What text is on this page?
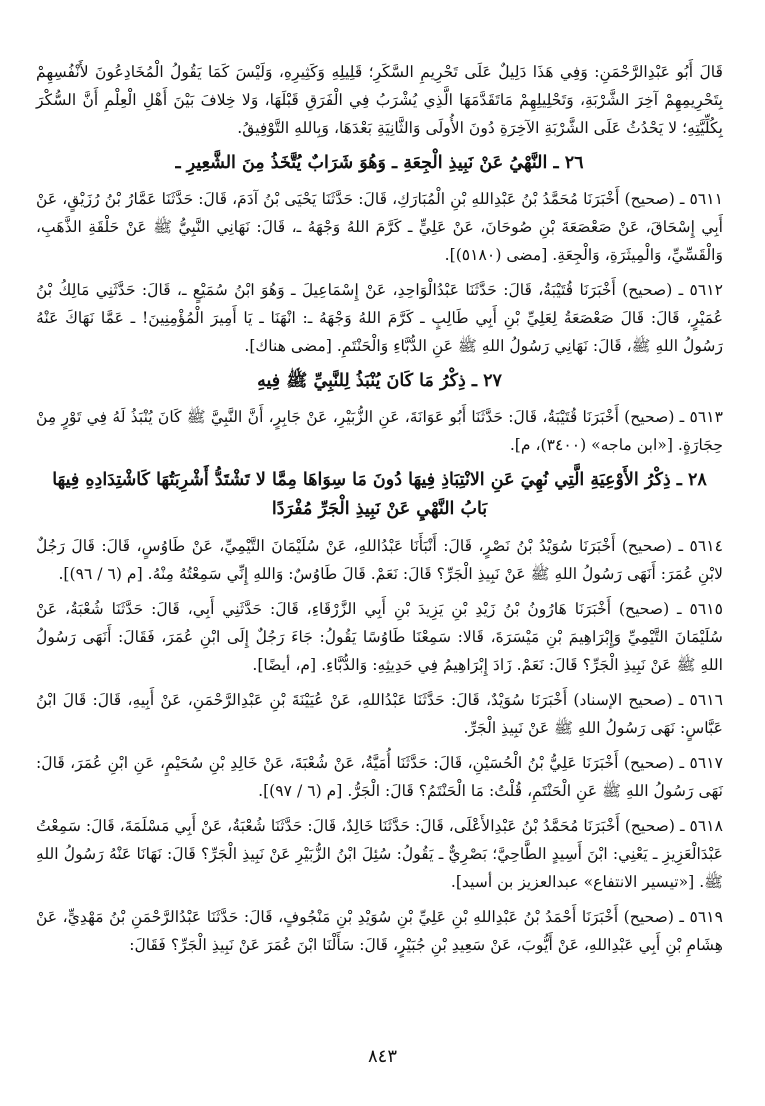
قَالَ أَبُو عَبْدِالرَّحْمَنِ: وَفِي هَذَا دَلِيلٌ عَلَى تَحْرِيمِ السَّكَرِ؛ قَلِيلِهِ وَكَثِيرِهِ، وَلَيْسَ كَمَا يَقُولُ الْمُخَادِعُونَ لأَنْفُسِهِمْ بِتَحْرِيمِهِمْ آخِرَ الشَّرْبَةِ، وَتَحْلِيلِهِمْ مَاتَقَدَّمَهَا الَّذِي يُشْرَبُ فِي الْفَرَقِ قَبْلَهَا، وَلا خِلافَ بَيْنَ أَهْلِ الْعِلْمِ أَنَّ السُّكْرَ بِكُلِّيَّتِهِ؛ لا يَحْدُثُ عَلَى الشَّرْبَةِ الآخِرَةِ دُونَ الأُولَى وَالثَّانِيَةِ بَعْدَهَا، وَبِاللهِ التَّوْفِيقُ.
٢٦ ـ النَّهْيُ عَنْ نَبِيذِ الْجِعَةِ ـ وَهُوَ شَرَابٌ يُتَّخَذُ مِنَ الشَّعِيرِ ـ
٥٦١١ ـ (صحيح) أَخْبَرَنَا مُحَمَّدُ بْنُ عَبْدِاللهِ بْنِ الْمُبَارَكِ، قَالَ: حَدَّثَنَا يَحْيَى بْنُ آدَمَ، قَالَ: حَدَّثَنَا عَمَّارُ بْنُ رُزَيْقٍ، عَنْ أَبِي إِسْحَاقَ، عَنْ صَعْصَعَةَ بْنِ صُوحَانَ، عَنْ عَلِيٍّ ـ كَرَّمَ اللهُ وَجْهَهُ ـ، قَالَ: نَهَانِي النَّبِيُّ ﷺ عَنْ حَلْقَةِ الذَّهَبِ، وَالْقَسِّيِّ، وَالْمِيثَرَةِ، وَالْجِعَةِ. [مضى (٥١٨٠)].
٥٦١٢ ـ (صحيح) أَخْبَرَنَا قُتَيْبَةُ، قَالَ: حَدَّثَنَا عَبْدُالْوَاحِدِ، عَنْ إِسْمَاعِيلَ ـ وَهُوَ ابْنُ سُمَيْعٍ ـ، قَالَ: حَدَّثَنِي مَالِكُ بْنُ عُمَيْرٍ، قَالَ: قَالَ صَعْصَعَةُ لِعَلِيِّ بْنِ أَبِي طَالِبٍ ـ كَرَّمَ اللهُ وَجْهَهُ ـ: انْهَنَا ـ يَا أَمِيرَ الْمُؤْمِنِينَ! ـ عَمَّا نَهَاكَ عَنْهُ رَسُولُ اللهِ ﷺ، قَالَ: نَهَانِي رَسُولُ اللهِ ﷺ عَنِ الدُّبَّاءِ وَالْحَنْتَمِ. [مضى هناك].
٢٧ ـ ذِكْرُ مَا كَانَ يُنْبَذُ لِلنَّبِيِّ ﷺ فِيهِ
٥٦١٣ ـ (صحيح) أَخْبَرَنَا قُتَيْبَةُ، قَالَ: حَدَّثَنَا أَبُو عَوَانَةَ، عَنِ الزُّبَيْرِ، عَنْ جَابِرٍ، أَنَّ النَّبِيَّ ﷺ كَانَ يُنْبَذُ لَهُ فِي تَوْرٍ مِنْ حِجَارَةٍ. [«ابن ماجه» (٣٤٠٠)، م].
٢٨ ـ ذِكْرُ الأَوْعِيَةِ الَّتِي نُهِيَ عَنِ الانْتِبَاذِ فِيهَا دُونَ مَا سِوَاهَا مِمَّا لا تَشْتَدُّ أَشْرِبَتُهَا كَاشْتِدَادِهِ فِيهَا بَابُ النَّهْيِ عَنْ نَبِيذِ الْجَرِّ مُفْرَدًا
٥٦١٤ ـ (صحيح) أَخْبَرَنَا سُوَيْدُ بْنُ نَصْرٍ، قَالَ: أَنْبَأَنَا عَبْدُاللهِ، عَنْ سُلَيْمَانَ التَّيْمِيِّ، عَنْ طَاوُسٍ، قَالَ: قَالَ رَجُلٌ لابْنِ عُمَرَ: أَنَهَى رَسُولُ اللهِ ﷺ عَنْ نَبِيذِ الْجَرِّ؟ قَالَ: نَعَمْ. قَالَ طَاوُسٌ: وَاللهِ إِنِّي سَمِعْتُهُ مِنْهُ. [م (٦ / ٩٦)].
٥٦١٥ ـ (صحيح) أَخْبَرَنَا هَارُونُ بْنُ زَيْدِ بْنِ يَزِيدَ بْنِ أَبِي الزَّرْقَاءِ، قَالَ: حَدَّثَنِي أَبِي، قَالَ: حَدَّثَنَا شُعْبَةُ، عَنْ سُلَيْمَانَ التَّيْمِيِّ وَإِبْرَاهِيمَ بْنِ مَيْسَرَةَ، قَالا: سَمِعْنَا طَاوُسًا يَقُولُ: جَاءَ رَجُلٌ إِلَى ابْنِ عُمَرَ، فَقَالَ: أَنَهَى رَسُولُ اللهِ ﷺ عَنْ نَبِيذِ الْجَرِّ؟ قَالَ: نَعَمْ. زَادَ إِبْرَاهِيمُ فِي حَدِيثِهِ: وَالدُّبَّاءِ. [م، أيضًا].
٥٦١٦ ـ (صحيح الإسناد) أَخْبَرَنَا سُوَيْدٌ، قَالَ: حَدَّثَنَا عَبْدُاللهِ، عَنْ عُيَيْنَةَ بْنِ عَبْدِالرَّحْمَنِ، عَنْ أَبِيهِ، قَالَ: قَالَ ابْنُ عَبَّاسٍ: نَهَى رَسُولُ اللهِ ﷺ عَنْ نَبِيذِ الْجَرِّ.
٥٦١٧ ـ (صحيح) أَخْبَرَنَا عَلِيُّ بْنُ الْحُسَيْنِ، قَالَ: حَدَّثَنَا أُمَيَّةُ، عَنْ شُعْبَةَ، عَنْ خَالِدِ بْنِ سُحَيْمٍ، عَنِ ابْنِ عُمَرَ، قَالَ: نَهَى رَسُولُ اللهِ ﷺ عَنِ الْحَنْتَمِ، قُلْتُ: مَا الْحَنْتَمُ؟ قَالَ: الْجَرُّ. [م (٦ / ٩٧)].
٥٦١٨ ـ (صحيح) أَخْبَرَنَا مُحَمَّدُ بْنُ عَبْدِالأَعْلَى، قَالَ: حَدَّثَنَا خَالِدٌ، قَالَ: حَدَّثَنَا شُعْبَةُ، عَنْ أَبِي مَسْلَمَةَ، قَالَ: سَمِعْتُ عَبْدَالْعَزِيزِ ـ يَعْنِي: ابْنَ أَسِيدٍ الطَّاحِيَّ؛ بَصْرِيٌّ ـ يَقُولُ: سُئِلَ ابْنُ الزُّبَيْرِ عَنْ نَبِيذِ الْجَرِّ؟ قَالَ: نَهَانَا عَنْهُ رَسُولُ اللهِ ﷺ. [«تيسير الانتفاع» عبدالعزيز بن أسيد].
٥٦١٩ ـ (صحيح) أَخْبَرَنَا أَحْمَدُ بْنُ عَبْدِاللهِ بْنِ عَلِيِّ بْنِ سُوَيْدِ بْنِ مَنْجُوفٍ، قَالَ: حَدَّثَنَا عَبْدُالرَّحْمَنِ بْنُ مَهْدِيٍّ، عَنْ هِشَامِ بْنِ أَبِي عَبْدِاللهِ، عَنْ أَيُّوبَ، عَنْ سَعِيدِ بْنِ جُبَيْرٍ، قَالَ: سَأَلْنَا ابْنَ عُمَرَ عَنْ نَبِيذِ الْجَرِّ؟ فَقَالَ:
٨٤٣
